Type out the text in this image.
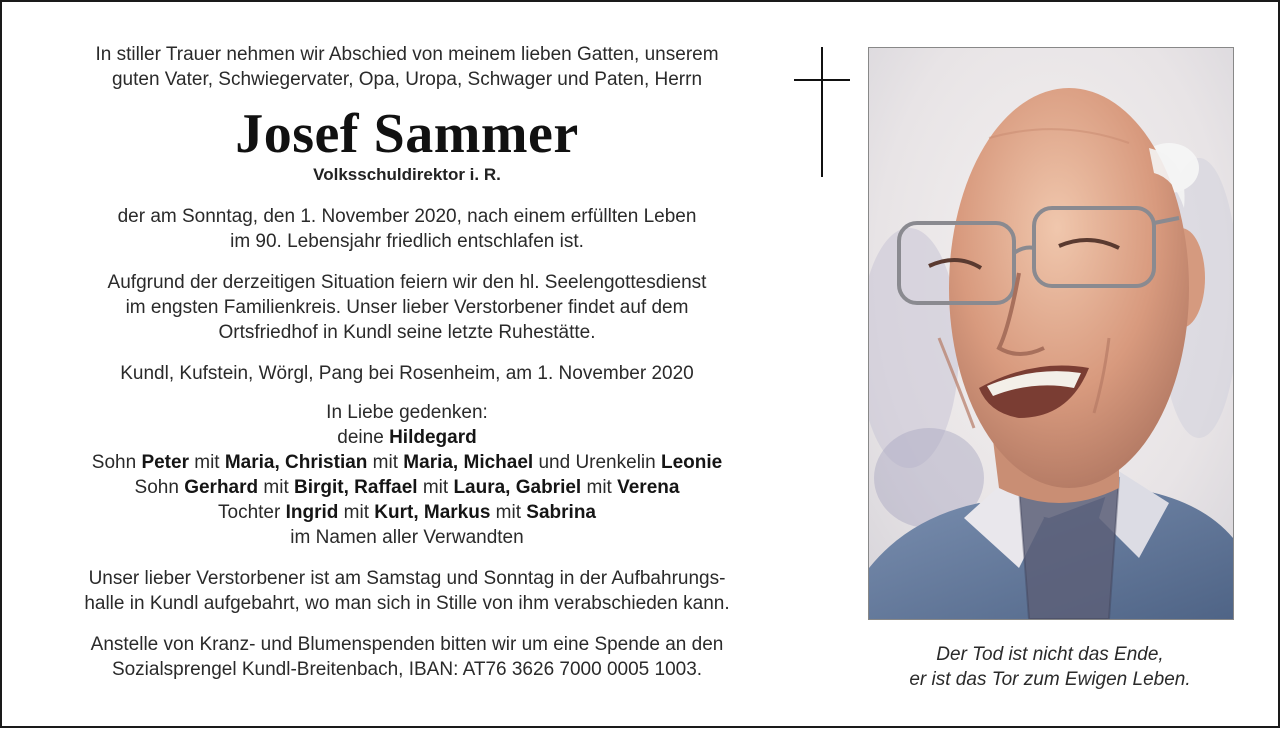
In stiller Trauer nehmen wir Abschied von meinem lieben Gatten, unserem
guten Vater, Schwiegervater, Opa, Uropa, Schwager und Paten, Herrn

Josef Sammer
Volksschuldirektor i. R.

der am Sonntag, den 1. November 2020, nach einem erfüllten Leben
im 90. Lebensjahr friedlich entschlafen ist.

Aufgrund der derzeitigen Situation feiern wir den hl. Seelengottesdienst
im engsten Familienkreis. Unser lieber Verstorbener findet auf dem
Ortsfriedhof in Kundl seine letzte Ruhestätte.

Kundl, Kufstein, Wörgl, Pang bei Rosenheim, am 1. November 2020

In Liebe gedenken:

deine Hildegard

Sohn Peter mit Maria, Christian mit Maria, Michael und Urenkelin Leonie

Sohn Gerhard mit Birgit, Raffael mit Laura, Gabriel mit Verena

Tochter Ingrid mit Kurt, Markus mit Sabrina

im Namen aller Verwandten

Unser lieber Verstorbener ist am Samstag und Sonntag in der Aufbahrungs-
halle in Kundl aufgebahrt, wo man sich in Stille von ihm verabschieden kann.

Anstelle von Kranz- und Blumenspenden bitten wir um eine Spende an den
Sozialsprengel Kundl-Breitenbach, IBAN: AT76 3626 7000 0005 1003.

Der Tod ist nicht das Ende,
er ist das Tor zum Ewigen Leben.
